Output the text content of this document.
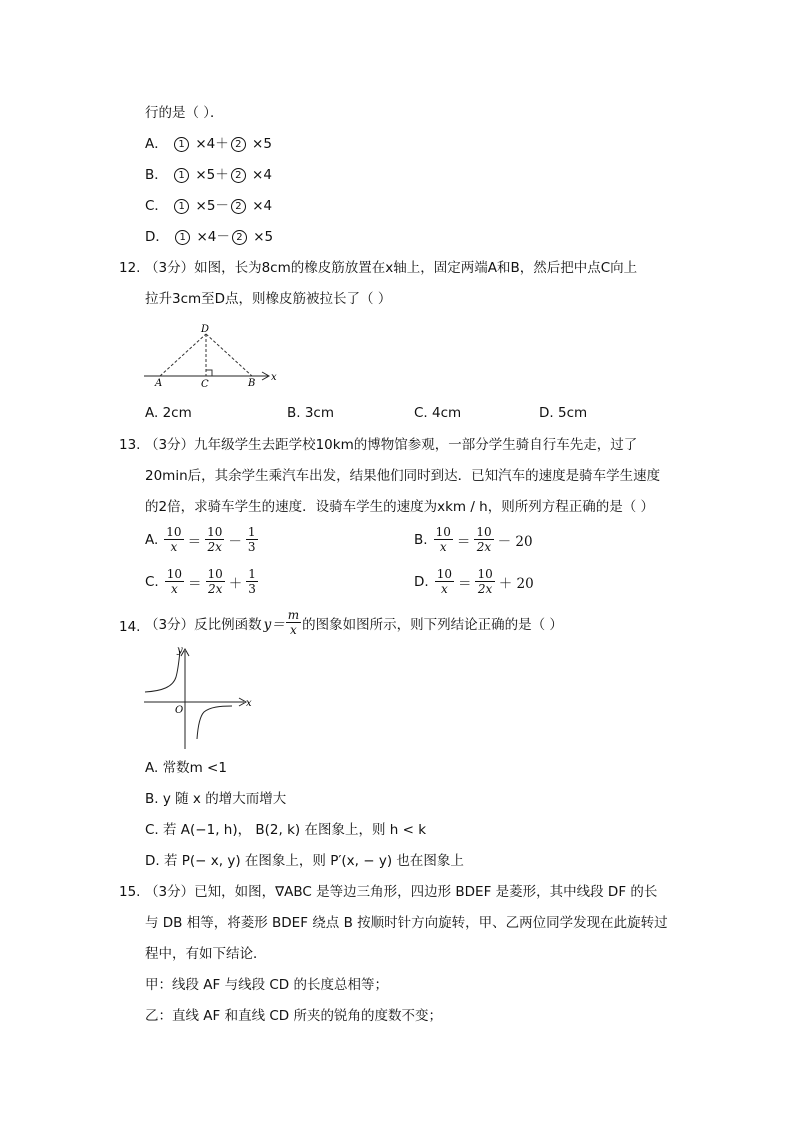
行的是（ ）．
A． 1 ×4＋ 2 ×5
B． 1 ×5＋ 2 ×4
C． 1 ×5－ 2 ×4
D． 1 ×4－ 2 ×5
12. （3分）如图，长为8cm的橡皮筋放置在x轴上，固定两端A和B，然后把中点C向上
拉升3cm至D点，则橡皮筋被拉长了（ ）
D
A	C	B
x
A. 2cm	B. 3cm	C. 4cm	D. 5cm
13. （3分）九年级学生去距学校10km的博物馆参观，一部分学生骑自行车先走，过了
20min后，其余学生乘汽车出发，结果他们同时到达．已知汽车的速度是骑车学生速度
的2倍，求骑车学生的速度．设骑车学生的速度为xkm / h，则所列方程正确的是（ ）
A. $\frac{10}{x} = \frac{10}{2x} - \frac{1}{3}$	B. $\frac{10}{x} = \frac{10}{2x} - 20$
C. $\frac{10}{x} = \frac{10}{2x} + \frac{1}{3}$	D. $\frac{10}{x} = \frac{10}{2x} + 20$
14. （3分）反比例函数 $y= \frac{m}{x}$ 的图象如图所示，则下列结论正确的是（ ）
y
x
O
A. 常数m <1
B. y 随 x 的增大而增大
C. 若 A(−1, h)， B(2, k) 在图象上，则 h < k
D. 若 P(− x, y) 在图象上，则 P′(x, − y) 也在图象上
15. （3分）已知，如图，∇ABC 是等边三角形，四边形 BDEF 是菱形，其中线段 DF 的长
与 DB 相等，将菱形 BDEF 绕点 B 按顺时针方向旋转，甲、乙两位同学发现在此旋转过
程中，有如下结论．
甲：线段 AF 与线段 CD 的长度总相等；
乙：直线 AF 和直线 CD 所夹的锐角的度数不变；
